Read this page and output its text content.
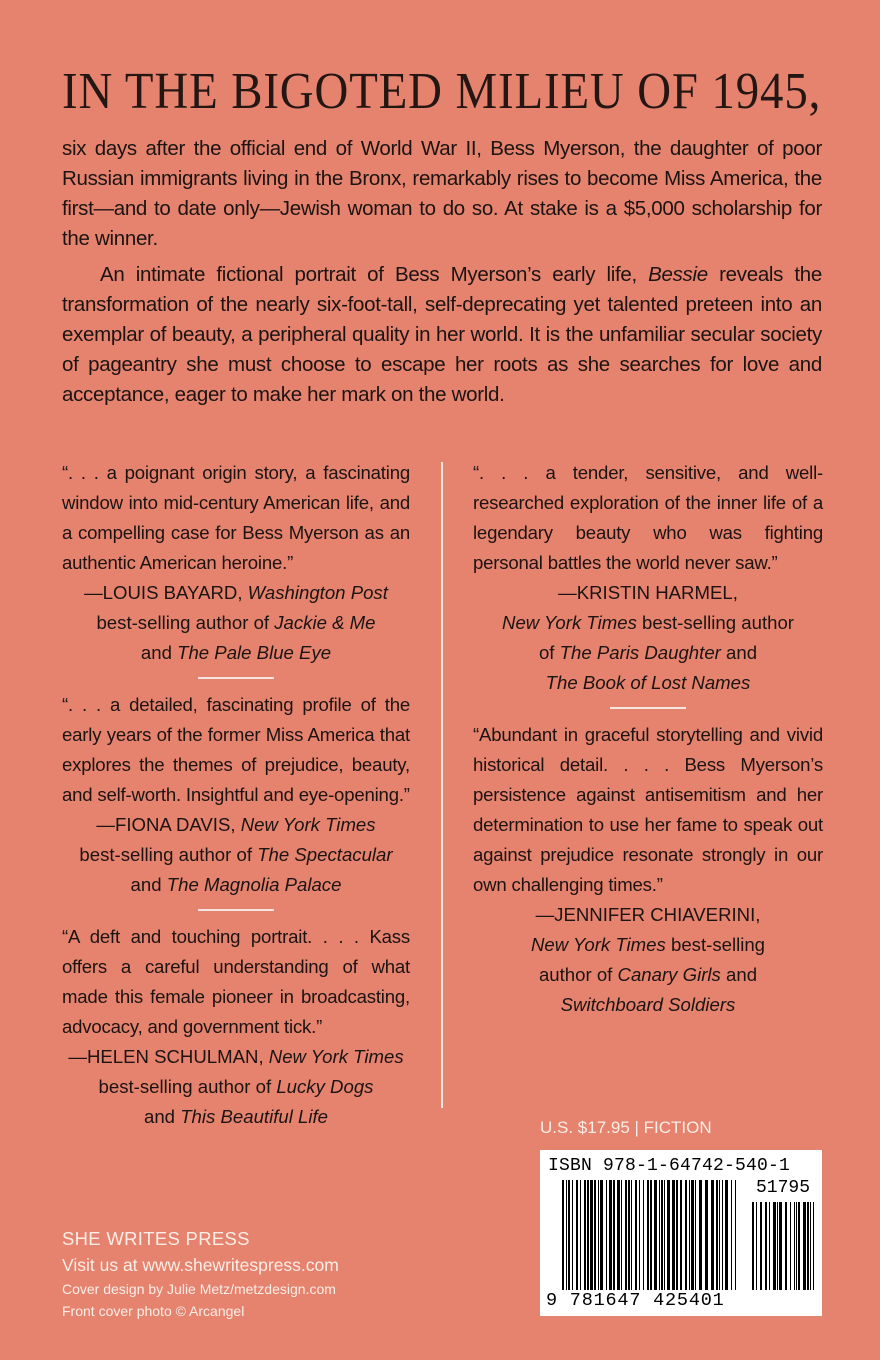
IN THE BIGOTED MILIEU OF 1945,

six days after the official end of World War II, Bess Myerson, the daughter of poor Russian immigrants living in the Bronx, remarkably rises to become Miss America, the first—and to date only—Jewish woman to do so. At stake is a $5,000 scholarship for the winner.

An intimate fictional portrait of Bess Myerson’s early life, Bessie reveals the transformation of the nearly six-foot-tall, self-deprecating yet talented preteen into an exemplar of beauty, a peripheral quality in her world. It is the unfamiliar secular society of pageantry she must choose to escape her roots as she searches for love and acceptance, eager to make her mark on the world.

“. . . a poignant origin story, a fascinating window into mid-century American life, and a compelling case for Bess Myerson as an authentic American heroine.”

—LOUIS BAYARD, Washington Post

best-selling author of Jackie & Me

and The Pale Blue Eye

“. . . a detailed, fascinating profile of the early years of the former Miss America that explores the themes of prejudice, beauty, and self-worth. Insightful and eye-opening.”

—FIONA DAVIS, New York Times

best-selling author of The Spectacular

and The Magnolia Palace

“A deft and touching portrait. . . . Kass offers a careful understanding of what made this female pioneer in broadcasting, advocacy, and government tick.”

—HELEN SCHULMAN, New York Times

best-selling author of Lucky Dogs

and This Beautiful Life

“. . . a tender, sensitive, and well-researched exploration of the inner life of a legendary beauty who was fighting personal battles the world never saw.”

—KRISTIN HARMEL,

New York Times best-selling author

of The Paris Daughter and

The Book of Lost Names

“Abundant in graceful storytelling and vivid historical detail. . . . Bess Myerson’s persistence against antisemitism and her determination to use her fame to speak out against prejudice resonate strongly in our own challenging times.”

—JENNIFER CHIAVERINI,

New York Times best-selling

author of Canary Girls and

Switchboard Soldiers

U.S. $17.95 | FICTION
ISBN 978-1-64742-540-1
51795
9 781647 425401
SHE WRITES PRESS
Visit us at www.shewritespress.com
Cover design by Julie Metz/metzdesign.com
Front cover photo © Arcangel
